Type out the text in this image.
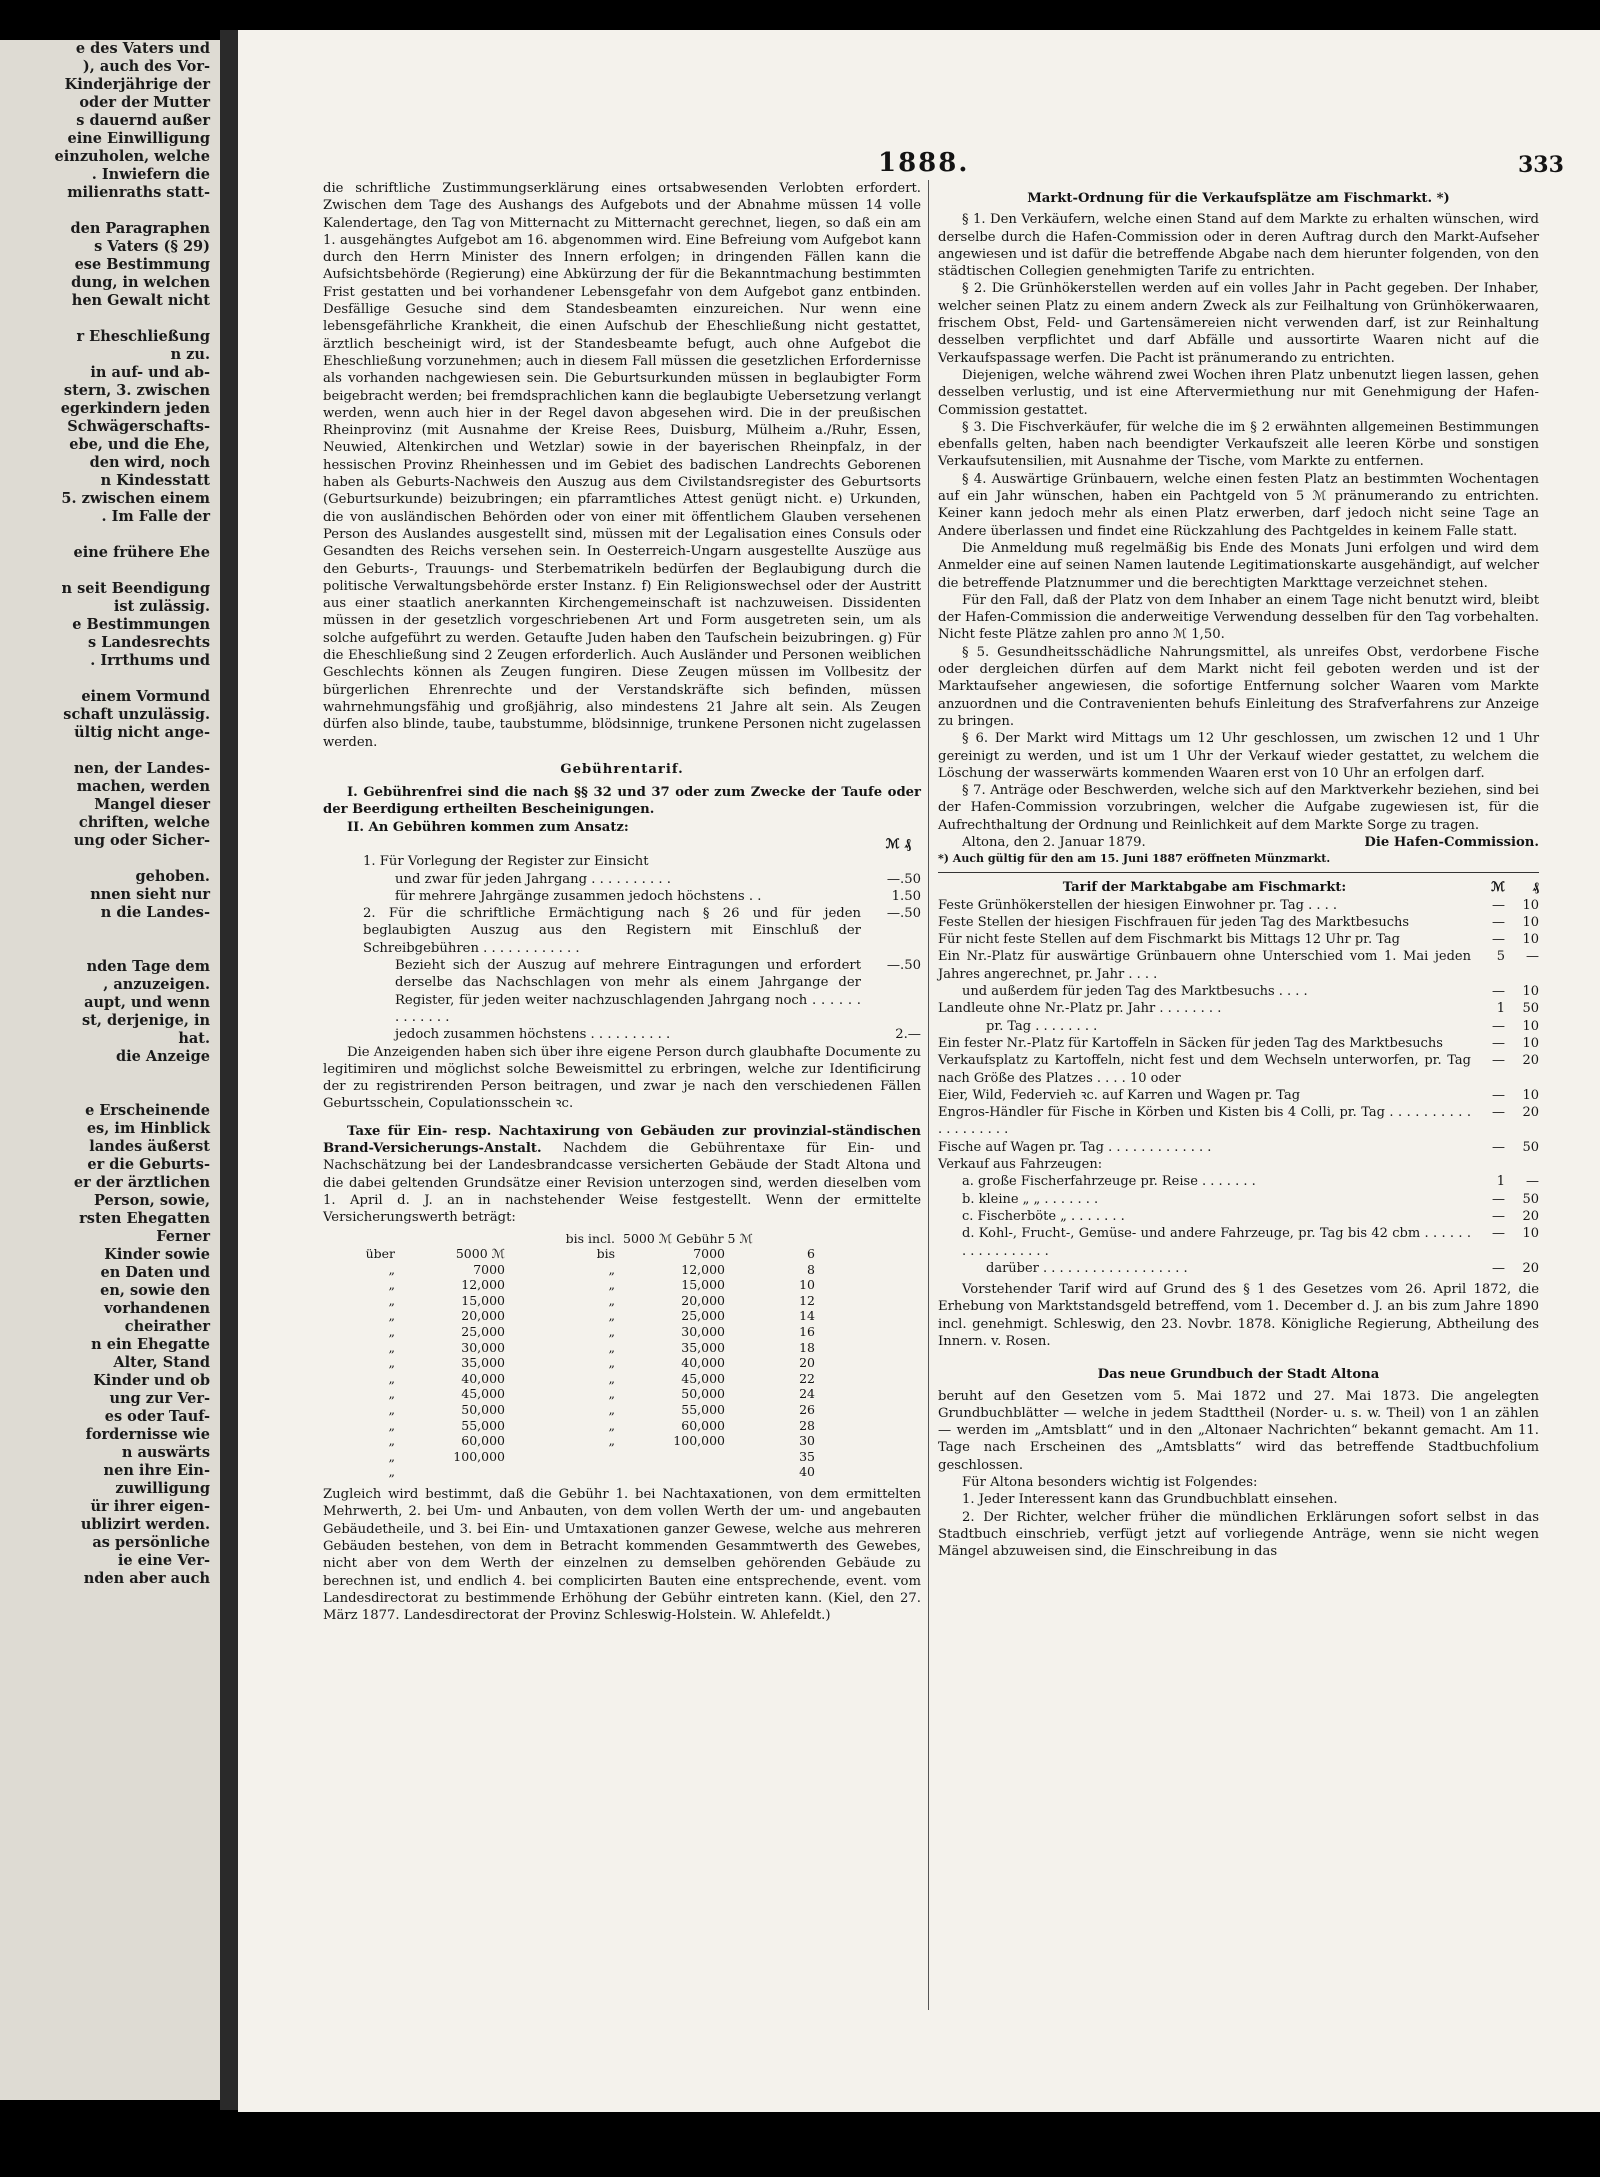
e des Vaters und
), auch des Vor-
Kinderjährige der
oder der Mutter
s dauernd außer
eine Einwilligung
einzuholen, welche
. Inwiefern die
milienraths statt-
den Paragraphen
s Vaters (§ 29)
ese Bestimmung
dung, in welchen
hen Gewalt nicht
r Eheschließung
n zu.
in auf- und ab-
stern, 3. zwischen
egerkindern jeden
Schwägerschafts-
ebe, und die Ehe,
den wird, noch
n Kindesstatt
5. zwischen einem
. Im Falle der
eine frühere Ehe
n seit Beendigung
ist zulässig.
e Bestimmungen
s Landesrechts
. Irrthums und
einem Vormund
schaft unzulässig.
ültig nicht ange-
nen, der Landes-
machen, werden
Mangel dieser
chriften, welche
ung oder Sicher-
gehoben.
nnen sieht nur
n die Landes-
nden Tage dem
, anzuzeigen.
aupt, und wenn
st, derjenige, in
hat.
die Anzeige
e Erscheinende
es, im Hinblick
landes äußerst
er die Geburts-
er der ärztlichen
Person, sowie,
rsten Ehegatten
Ferner
Kinder sowie
en Daten und
en, sowie den
vorhandenen
cheirather
n ein Ehegatte
Alter, Stand
Kinder und ob
ung zur Ver-
es oder Tauf-
fordernisse wie
n auswärts
nen ihre Ein-
zuwilligung
ür ihrer eigen-
ublizirt werden.
as persönliche
ie eine Ver-
nden aber auch
1888.	333

die schriftliche Zustimmungserklärung eines ortsabwesenden Verlobten erfordert. Zwischen dem Tage des Aushangs des Aufgebots und der Abnahme müssen 14 volle Kalendertage, den Tag von Mitternacht zu Mitternacht gerechnet, liegen, so daß ein am 1. ausgehängtes Aufgebot am 16. abgenommen wird. Eine Befreiung vom Aufgebot kann durch den Herrn Minister des Innern erfolgen; in dringenden Fällen kann die Aufsichtsbehörde (Regierung) eine Abkürzung der für die Bekanntmachung bestimmten Frist gestatten und bei vorhandener Lebensgefahr von dem Aufgebot ganz entbinden. Desfällige Gesuche sind dem Standesbeamten einzureichen. Nur wenn eine lebensgefährliche Krankheit, die einen Aufschub der Eheschließung nicht gestattet, ärztlich bescheinigt wird, ist der Standesbeamte befugt, auch ohne Aufgebot die Eheschließung vorzunehmen; auch in diesem Fall müssen die gesetzlichen Erfordernisse als vorhanden nachgewiesen sein. Die Geburtsurkunden müssen in beglaubigter Form beigebracht werden; bei fremdsprachlichen kann die beglaubigte Uebersetzung verlangt werden, wenn auch hier in der Regel davon abgesehen wird. Die in der preußischen Rheinprovinz (mit Ausnahme der Kreise Rees, Duisburg, Mülheim a./Ruhr, Essen, Neuwied, Altenkirchen und Wetzlar) sowie in der bayerischen Rheinpfalz, in der hessischen Provinz Rheinhessen und im Gebiet des badischen Landrechts Geborenen haben als Geburts-Nachweis den Auszug aus dem Civilstandsregister des Geburtsorts (Geburtsurkunde) beizubringen; ein pfarramtliches Attest genügt nicht. e) Urkunden, die von ausländischen Behörden oder von einer mit öffentlichem Glauben versehenen Person des Auslandes ausgestellt sind, müssen mit der Legalisation eines Consuls oder Gesandten des Reichs versehen sein. In Oesterreich-Ungarn ausgestellte Auszüge aus den Geburts-, Trauungs- und Sterbematrikeln bedürfen der Beglaubigung durch die politische Verwaltungsbehörde erster Instanz. f) Ein Religionswechsel oder der Austritt aus einer staatlich anerkannten Kirchengemeinschaft ist nachzuweisen. Dissidenten müssen in der gesetzlich vorgeschriebenen Art und Form ausgetreten sein, um als solche aufgeführt zu werden. Getaufte Juden haben den Taufschein beizubringen. g) Für die Eheschließung sind 2 Zeugen erforderlich. Auch Ausländer und Personen weiblichen Geschlechts können als Zeugen fungiren. Diese Zeugen müssen im Vollbesitz der bürgerlichen Ehrenrechte und der Verstandskräfte sich befinden, müssen wahrnehmungsfähig und großjährig, also mindestens 21 Jahre alt sein. Als Zeugen dürfen also blinde, taube, taubstumme, blödsinnige, trunkene Personen nicht zugelassen werden.

Gebührentarif.

I. Gebührenfrei sind die nach §§ 32 und 37 oder zum Zwecke der Taufe oder der Beerdigung ertheilten Bescheinigungen.

II. An Gebühren kommen zum Ansatz:

ℳ ₰
1. Für Vorlegung der Register zur Einsicht
und zwar für jeden Jahrgang . . . . . . . . . .	—.50
für mehrere Jahrgänge zusammen jedoch höchstens . .	1.50
2. Für die schriftliche Ermächtigung nach § 26 und für jeden beglaubigten Auszug aus den Registern mit Einschluß der Schreibgebühren . . . . . . . . . . . .
—.50
Bezieht sich der Auszug auf mehrere Eintragungen und erfordert derselbe das Nachschlagen von mehr als einem Jahrgange der Register, für jeden weiter nachzuschlagenden Jahrgang noch . . . . . . . . . . . . .
—.50
jedoch zusammen höchstens . . . . . . . . . .	2.—

Die Anzeigenden haben sich über ihre eigene Person durch glaubhafte Documente zu legitimiren und möglichst solche Beweismittel zu erbringen, welche zur Identificirung der zu registrirenden Person beitragen, und zwar je nach den verschiedenen Fällen Geburtsschein, Copulationsschein ꝛc.

Taxe für Ein- resp. Nachtaxirung von Gebäuden zur provinzial-ständischen Brand-Versicherungs-Anstalt. Nachdem die Gebührentaxe für Ein- und Nachschätzung bei der Landesbrandcasse versicherten Gebäude der Stadt Altona und die dabei geltenden Grundsätze einer Revision unterzogen sind, werden dieselben vom 1. April d. J. an in nachstehender Weise festgestellt. Wenn der ermittelte Versicherungswerth beträgt:

bis incl. 5000 ℳ Gebühr 5 ℳ
über	5000 ℳ	bis	7000	6
„	7000	„	12,000	8
„	12,000	„	15,000	10
„	15,000	„	20,000	12
„	20,000	„	25,000	14
„	25,000	„	30,000	16
„	30,000	„	35,000	18
„	35,000	„	40,000	20
„	40,000	„	45,000	22
„	45,000	„	50,000	24
„	50,000	„	55,000	26
„	55,000	„	60,000	28
„	60,000	„	100,000	30
„	100,000	35
„	40

Zugleich wird bestimmt, daß die Gebühr 1. bei Nachtaxationen, von dem ermittelten Mehrwerth, 2. bei Um- und Anbauten, von dem vollen Werth der um- und angebauten Gebäudetheile, und 3. bei Ein- und Umtaxationen ganzer Gewese, welche aus mehreren Gebäuden bestehen, von dem in Betracht kommenden Gesammtwerth des Gewebes, nicht aber von dem Werth der einzelnen zu demselben gehörenden Gebäude zu berechnen ist, und endlich 4. bei complicirten Bauten eine entsprechende, event. vom Landesdirectorat zu bestimmende Erhöhung der Gebühr eintreten kann. (Kiel, den 27. März 1877. Landesdirectorat der Provinz Schleswig-Holstein. W. Ahlefeldt.)

Markt-Ordnung für die Verkaufsplätze am Fischmarkt. *)

§ 1. Den Verkäufern, welche einen Stand auf dem Markte zu erhalten wünschen, wird derselbe durch die Hafen-Commission oder in deren Auftrag durch den Markt-Aufseher angewiesen und ist dafür die betreffende Abgabe nach dem hierunter folgenden, von den städtischen Collegien genehmigten Tarife zu entrichten.

§ 2. Die Grünhökerstellen werden auf ein volles Jahr in Pacht gegeben. Der Inhaber, welcher seinen Platz zu einem andern Zweck als zur Feilhaltung von Grünhökerwaaren, frischem Obst, Feld- und Gartensämereien nicht verwenden darf, ist zur Reinhaltung desselben verpflichtet und darf Abfälle und aussortirte Waaren nicht auf die Verkaufspassage werfen. Die Pacht ist pränumerando zu entrichten.

Diejenigen, welche während zwei Wochen ihren Platz unbenutzt liegen lassen, gehen desselben verlustig, und ist eine Aftervermiethung nur mit Genehmigung der Hafen-Commission gestattet.

§ 3. Die Fischverkäufer, für welche die im § 2 erwähnten allgemeinen Bestimmungen ebenfalls gelten, haben nach beendigter Verkaufszeit alle leeren Körbe und sonstigen Verkaufsutensilien, mit Ausnahme der Tische, vom Markte zu entfernen.

§ 4. Auswärtige Grünbauern, welche einen festen Platz an bestimmten Wochentagen auf ein Jahr wünschen, haben ein Pachtgeld von 5 ℳ pränumerando zu entrichten. Keiner kann jedoch mehr als einen Platz erwerben, darf jedoch nicht seine Tage an Andere überlassen und findet eine Rückzahlung des Pachtgeldes in keinem Falle statt.

Die Anmeldung muß regelmäßig bis Ende des Monats Juni erfolgen und wird dem Anmelder eine auf seinen Namen lautende Legitimationskarte ausgehändigt, auf welcher die betreffende Platznummer und die berechtigten Markttage verzeichnet stehen.

Für den Fall, daß der Platz von dem Inhaber an einem Tage nicht benutzt wird, bleibt der Hafen-Commission die anderweitige Verwendung desselben für den Tag vorbehalten. Nicht feste Plätze zahlen pro anno ℳ 1,50.

§ 5. Gesundheitsschädliche Nahrungsmittel, als unreifes Obst, verdorbene Fische oder dergleichen dürfen auf dem Markt nicht feil geboten werden und ist der Marktaufseher angewiesen, die sofortige Entfernung solcher Waaren vom Markte anzuordnen und die Contravenienten behufs Einleitung des Strafverfahrens zur Anzeige zu bringen.

§ 6. Der Markt wird Mittags um 12 Uhr geschlossen, um zwischen 12 und 1 Uhr gereinigt zu werden, und ist um 1 Uhr der Verkauf wieder gestattet, zu welchem die Löschung der wasserwärts kommenden Waaren erst von 10 Uhr an erfolgen darf.

§ 7. Anträge oder Beschwerden, welche sich auf den Marktverkehr beziehen, sind bei der Hafen-Commission vorzubringen, welcher die Aufgabe zugewiesen ist, für die Aufrechthaltung der Ordnung und Reinlichkeit auf dem Markte Sorge zu tragen.

Altona, den 2. Januar 1879.	Die Hafen-Commission.
*) Auch gültig für den am 15. Juni 1887 eröffneten Münzmarkt.
Tarif der Marktabgabe am Fischmarkt:	ℳ	₰
Feste Grünhökerstellen der hiesigen Einwohner pr. Tag . . . .	—	10
Feste Stellen der hiesigen Fischfrauen für jeden Tag des Marktbesuchs	—	10
Für nicht feste Stellen auf dem Fischmarkt bis Mittags 12 Uhr pr. Tag	—	10
Ein Nr.-Platz für auswärtige Grünbauern ohne Unterschied vom 1. Mai jeden Jahres angerechnet, pr. Jahr . . . .
5	—
und außerdem für jeden Tag des Marktbesuchs . . . .	—	10
Landleute ohne Nr.-Platz pr. Jahr . . . . . . . .	1	50
pr. Tag . . . . . . . .	—	10
Ein fester Nr.-Platz für Kartoffeln in Säcken für jeden Tag des Marktbesuchs	—	10
Verkaufsplatz zu Kartoffeln, nicht fest und dem Wechseln unterworfen, pr. Tag nach Größe des Platzes . . . . 10 oder
—	20
Eier, Wild, Federvieh ꝛc. auf Karren und Wagen pr. Tag	—	10
Engros-Händler für Fische in Körben und Kisten bis 4 Colli, pr. Tag . . . . . . . . . . . . . . . . . . .
—	20
Fische auf Wagen pr. Tag . . . . . . . . . . . . .	—	50
Verkauf aus Fahrzeugen:
a. große Fischerfahrzeuge pr. Reise . . . . . . .	1	—
b. kleine „ „ . . . . . . .	—	50
c. Fischerböte „ . . . . . . .	—	20
d. Kohl-, Frucht-, Gemüse- und andere Fahrzeuge, pr. Tag bis 42 cbm . . . . . . . . . . . . . . . . .
—	10
darüber . . . . . . . . . . . . . . . . . .	—	20

Vorstehender Tarif wird auf Grund des § 1 des Gesetzes vom 26. April 1872, die Erhebung von Marktstandsgeld betreffend, vom 1. December d. J. an bis zum Jahre 1890 incl. genehmigt. Schleswig, den 23. Novbr. 1878. Königliche Regierung, Abtheilung des Innern. v. Rosen.

Das neue Grundbuch der Stadt Altona

beruht auf den Gesetzen vom 5. Mai 1872 und 27. Mai 1873. Die angelegten Grundbuchblätter — welche in jedem Stadttheil (Norder- u. s. w. Theil) von 1 an zählen — werden im „Amtsblatt“ und in den „Altonaer Nachrichten“ bekannt gemacht. Am 11. Tage nach Erscheinen des „Amtsblatts“ wird das betreffende Stadtbuchfolium geschlossen.

Für Altona besonders wichtig ist Folgendes:

1. Jeder Interessent kann das Grundbuchblatt einsehen.

2. Der Richter, welcher früher die mündlichen Erklärungen sofort selbst in das Stadtbuch einschrieb, verfügt jetzt auf vorliegende Anträge, wenn sie nicht wegen Mängel abzuweisen sind, die Einschreibung in das
